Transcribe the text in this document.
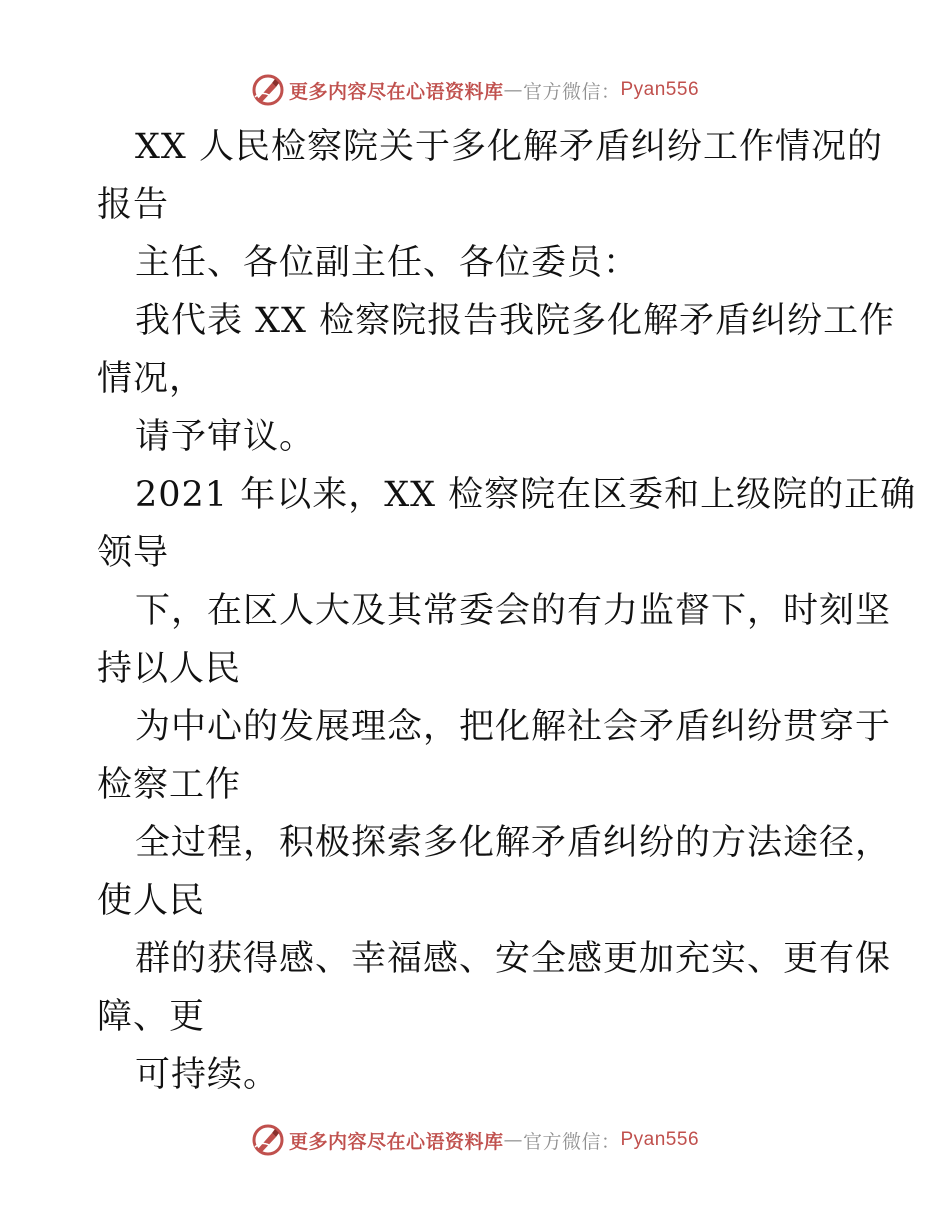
更多内容尽在心语资料库 — 官方微信： Pyan556
XX 人民检察院关于多化解矛盾纠纷工作情况的
报告
主任、各位副主任、各位委员：
我代表 XX 检察院报告我院多化解矛盾纠纷工作
情况，
请予审议。
2021 年以来，XX 检察院在区委和上级院的正确
领导
下，在区人大及其常委会的有力监督下，时刻坚
持以人民
为中心的发展理念，把化解社会矛盾纠纷贯穿于
检察工作
全过程，积极探索多化解矛盾纠纷的方法途径，
使人民
群的获得感、幸福感、安全感更加充实、更有保
障、更
可持续。
更多内容尽在心语资料库 — 官方微信： Pyan556
